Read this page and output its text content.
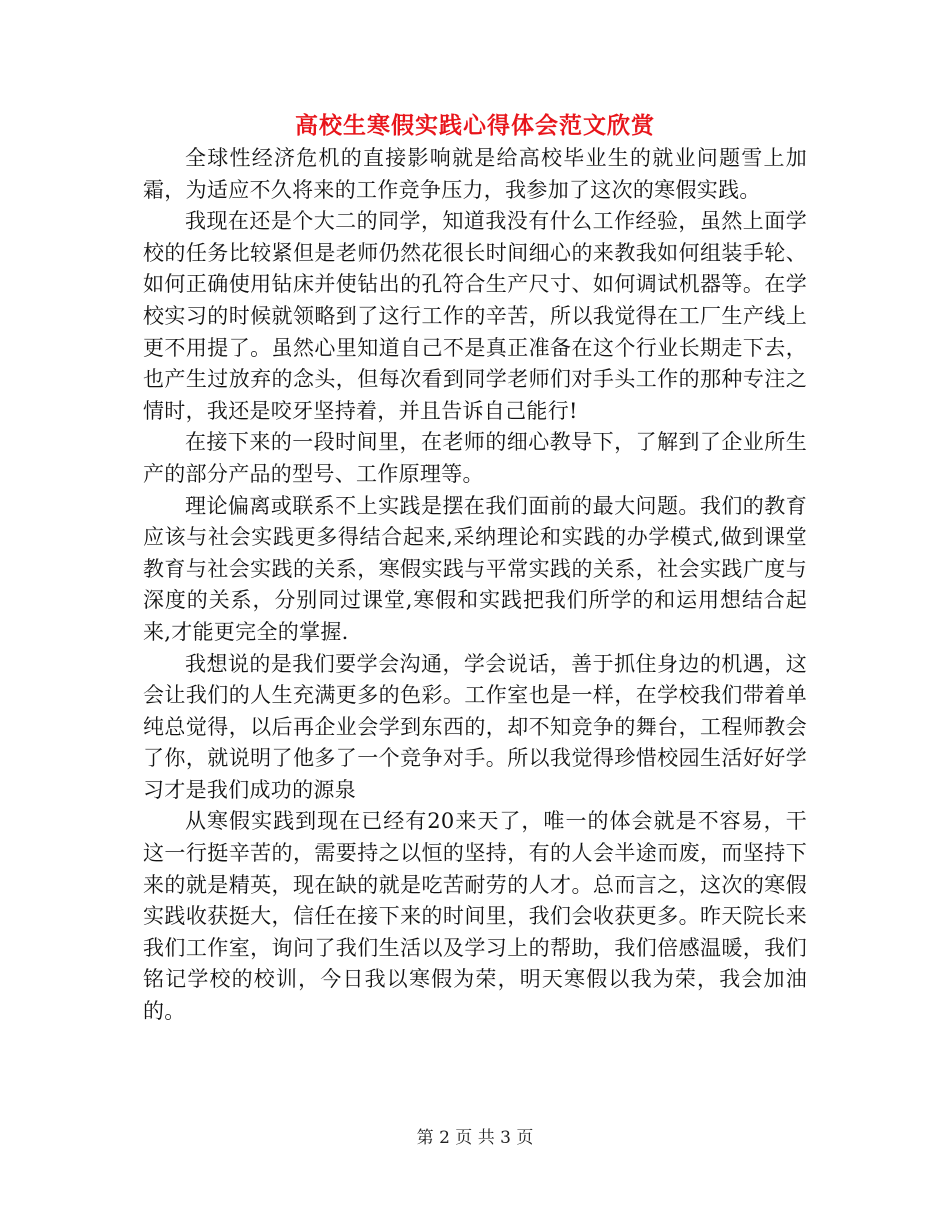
高校生寒假实践心得体会范文欣赏

全球性经济危机的直接影响就是给高校毕业生的就业问题雪上加霜，为适应不久将来的工作竞争压力，我参加了这次的寒假实践。

我现在还是个大二的同学，知道我没有什么工作经验，虽然上面学校的任务比较紧但是老师仍然花很长时间细心的来教我如何组装手轮、如何正确使用钻床并使钻出的孔符合生产尺寸、如何调试机器等。在学校实习的时候就领略到了这行工作的辛苦，所以我觉得在工厂生产线上更不用提了。虽然心里知道自己不是真正准备在这个行业长期走下去，也产生过放弃的念头，但每次看到同学老师们对手头工作的那种专注之情时，我还是咬牙坚持着，并且告诉自己能行!

在接下来的一段时间里，在老师的细心教导下，了解到了企业所生产的部分产品的型号、工作原理等。

理论偏离或联系不上实践是摆在我们面前的最大问题。我们的教育应该与社会实践更多得结合起来,采纳理论和实践的办学模式,做到课堂教育与社会实践的关系，寒假实践与平常实践的关系，社会实践广度与深度的关系，分别同过课堂,寒假和实践把我们所学的和运用想结合起来,才能更完全的掌握.

我想说的是我们要学会沟通，学会说话，善于抓住身边的机遇，这会让我们的人生充满更多的色彩。工作室也是一样，在学校我们带着单纯总觉得，以后再企业会学到东西的，却不知竞争的舞台，工程师教会了你，就说明了他多了一个竞争对手。所以我觉得珍惜校园生活好好学习才是我们成功的源泉

从寒假实践到现在已经有20来天了，唯一的体会就是不容易，干这一行挺辛苦的，需要持之以恒的坚持，有的人会半途而废，而坚持下来的就是精英，现在缺的就是吃苦耐劳的人才。总而言之，这次的寒假实践收获挺大，信任在接下来的时间里，我们会收获更多。昨天院长来我们工作室，询问了我们生活以及学习上的帮助，我们倍感温暖，我们铭记学校的校训，今日我以寒假为荣，明天寒假以我为荣，我会加油的。

第 2 页 共 3 页
